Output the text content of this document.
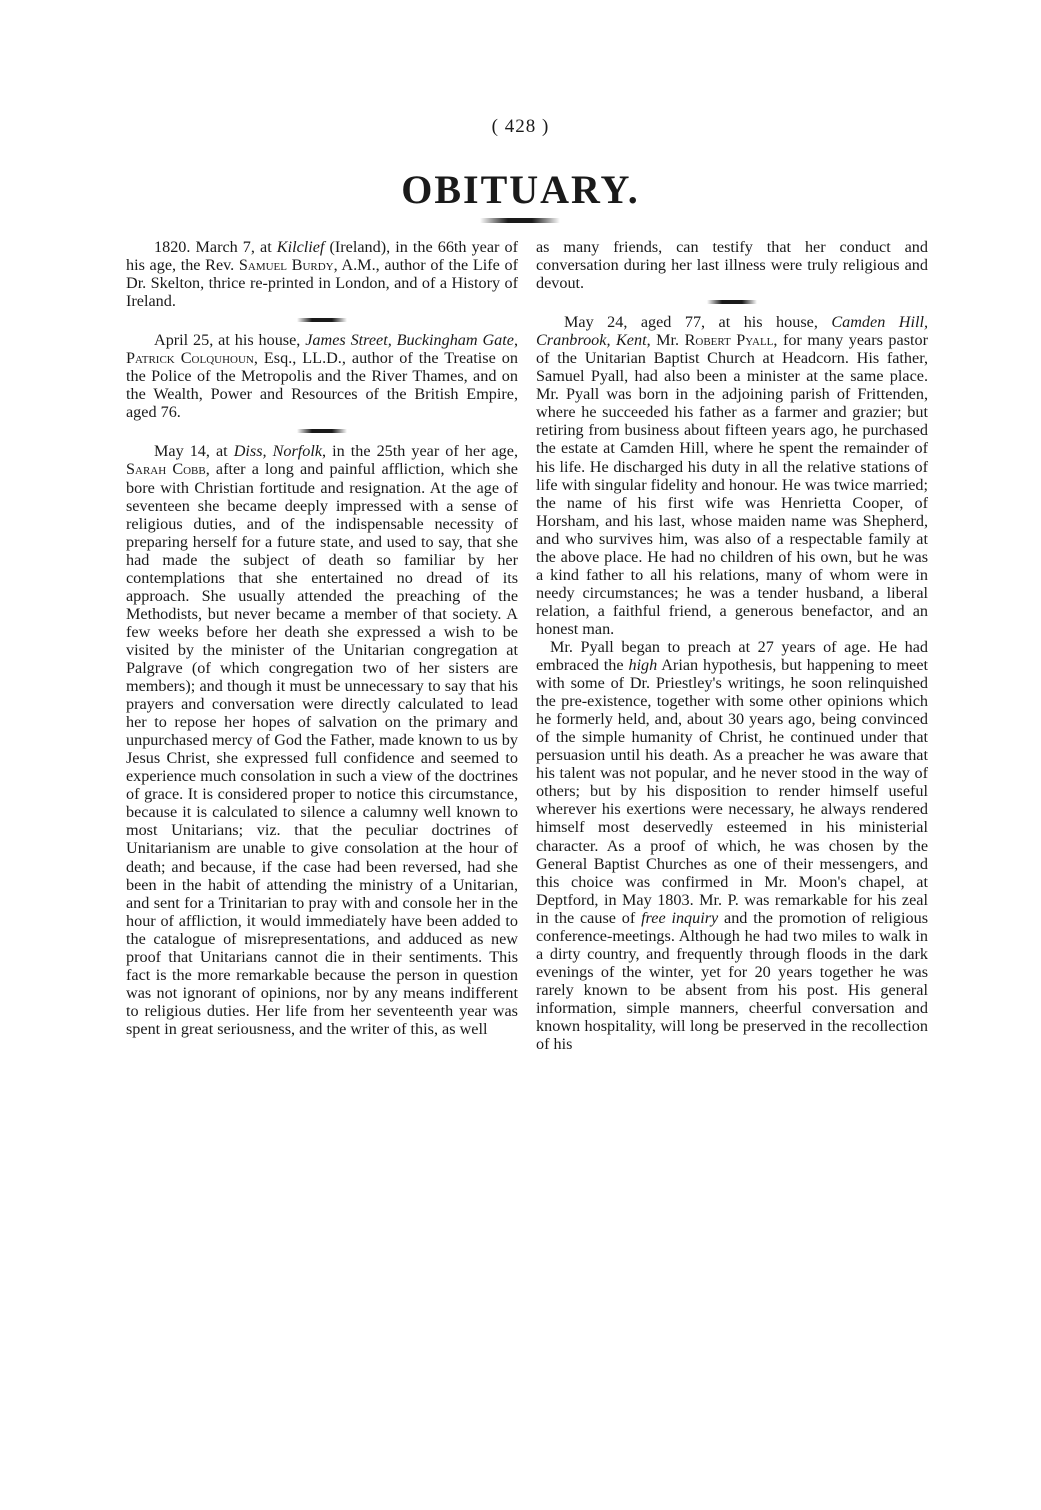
( 428 )
OBITUARY.

1820. March 7, at Kilclief (Ireland), in the 66th year of his age, the Rev. Samuel Burdy, A.M., author of the Life of Dr. Skelton, thrice re-printed in London, and of a History of Ireland.

April 25, at his house, James Street, Buckingham Gate, Patrick Colquhoun, Esq., LL.D., author of the Treatise on the Police of the Metropolis and the River Thames, and on the Wealth, Power and Resources of the British Empire, aged 76.

May 14, at Diss, Norfolk, in the 25th year of her age, Sarah Cobb, after a long and painful affliction, which she bore with Christian fortitude and resignation. At the age of seventeen she became deeply impressed with a sense of religious duties, and of the indispensable necessity of preparing herself for a future state, and used to say, that she had made the subject of death so familiar by her contemplations that she entertained no dread of its approach. She usually attended the preaching of the Methodists, but never became a member of that society. A few weeks before her death she expressed a wish to be visited by the minister of the Unitarian congregation at Palgrave (of which congregation two of her sisters are members); and though it must be unnecessary to say that his prayers and conversation were directly calculated to lead her to repose her hopes of salvation on the primary and unpurchased mercy of God the Father, made known to us by Jesus Christ, she expressed full confidence and seemed to experience much consolation in such a view of the doctrines of grace. It is considered proper to notice this circumstance, because it is calculated to silence a calumny well known to most Unitarians; viz. that the peculiar doctrines of Unitarianism are unable to give consolation at the hour of death; and because, if the case had been reversed, had she been in the habit of attending the ministry of a Unitarian, and sent for a Trinitarian to pray with and console her in the hour of affliction, it would immediately have been added to the catalogue of misrepresentations, and adduced as new proof that Unitarians cannot die in their sentiments. This fact is the more remarkable because the person in question was not ignorant of opinions, nor by any means indifferent to religious duties. Her life from her seventeenth year was spent in great seriousness, and the writer of this, as well

as many friends, can testify that her conduct and conversation during her last illness were truly religious and devout.

May 24, aged 77, at his house, Camden Hill, Cranbrook, Kent, Mr. Robert Pyall, for many years pastor of the Unitarian Baptist Church at Headcorn. His father, Samuel Pyall, had also been a minister at the same place. Mr. Pyall was born in the adjoining parish of Frittenden, where he succeeded his father as a farmer and grazier; but retiring from business about fifteen years ago, he purchased the estate at Camden Hill, where he spent the remainder of his life. He discharged his duty in all the relative stations of life with singular fidelity and honour. He was twice married; the name of his first wife was Henrietta Cooper, of Horsham, and his last, whose maiden name was Shepherd, and who survives him, was also of a respectable family at the above place. He had no children of his own, but he was a kind father to all his relations, many of whom were in needy circumstances; he was a tender husband, a liberal relation, a faithful friend, a generous benefactor, and an honest man.

Mr. Pyall began to preach at 27 years of age. He had embraced the high Arian hypothesis, but happening to meet with some of Dr. Priestley's writings, he soon relinquished the pre-existence, together with some other opinions which he formerly held, and, about 30 years ago, being convinced of the simple humanity of Christ, he continued under that persuasion until his death. As a preacher he was aware that his talent was not popular, and he never stood in the way of others; but by his disposition to render himself useful wherever his exertions were necessary, he always rendered himself most deservedly esteemed in his ministerial character. As a proof of which, he was chosen by the General Baptist Churches as one of their messengers, and this choice was confirmed in Mr. Moon's chapel, at Deptford, in May 1803. Mr. P. was remarkable for his zeal in the cause of free inquiry and the promotion of religious conference-meetings. Although he had two miles to walk in a dirty country, and frequently through floods in the dark evenings of the winter, yet for 20 years together he was rarely known to be absent from his post. His general information, simple manners, cheerful conversation and known hospitality, will long be preserved in the recollection of his
